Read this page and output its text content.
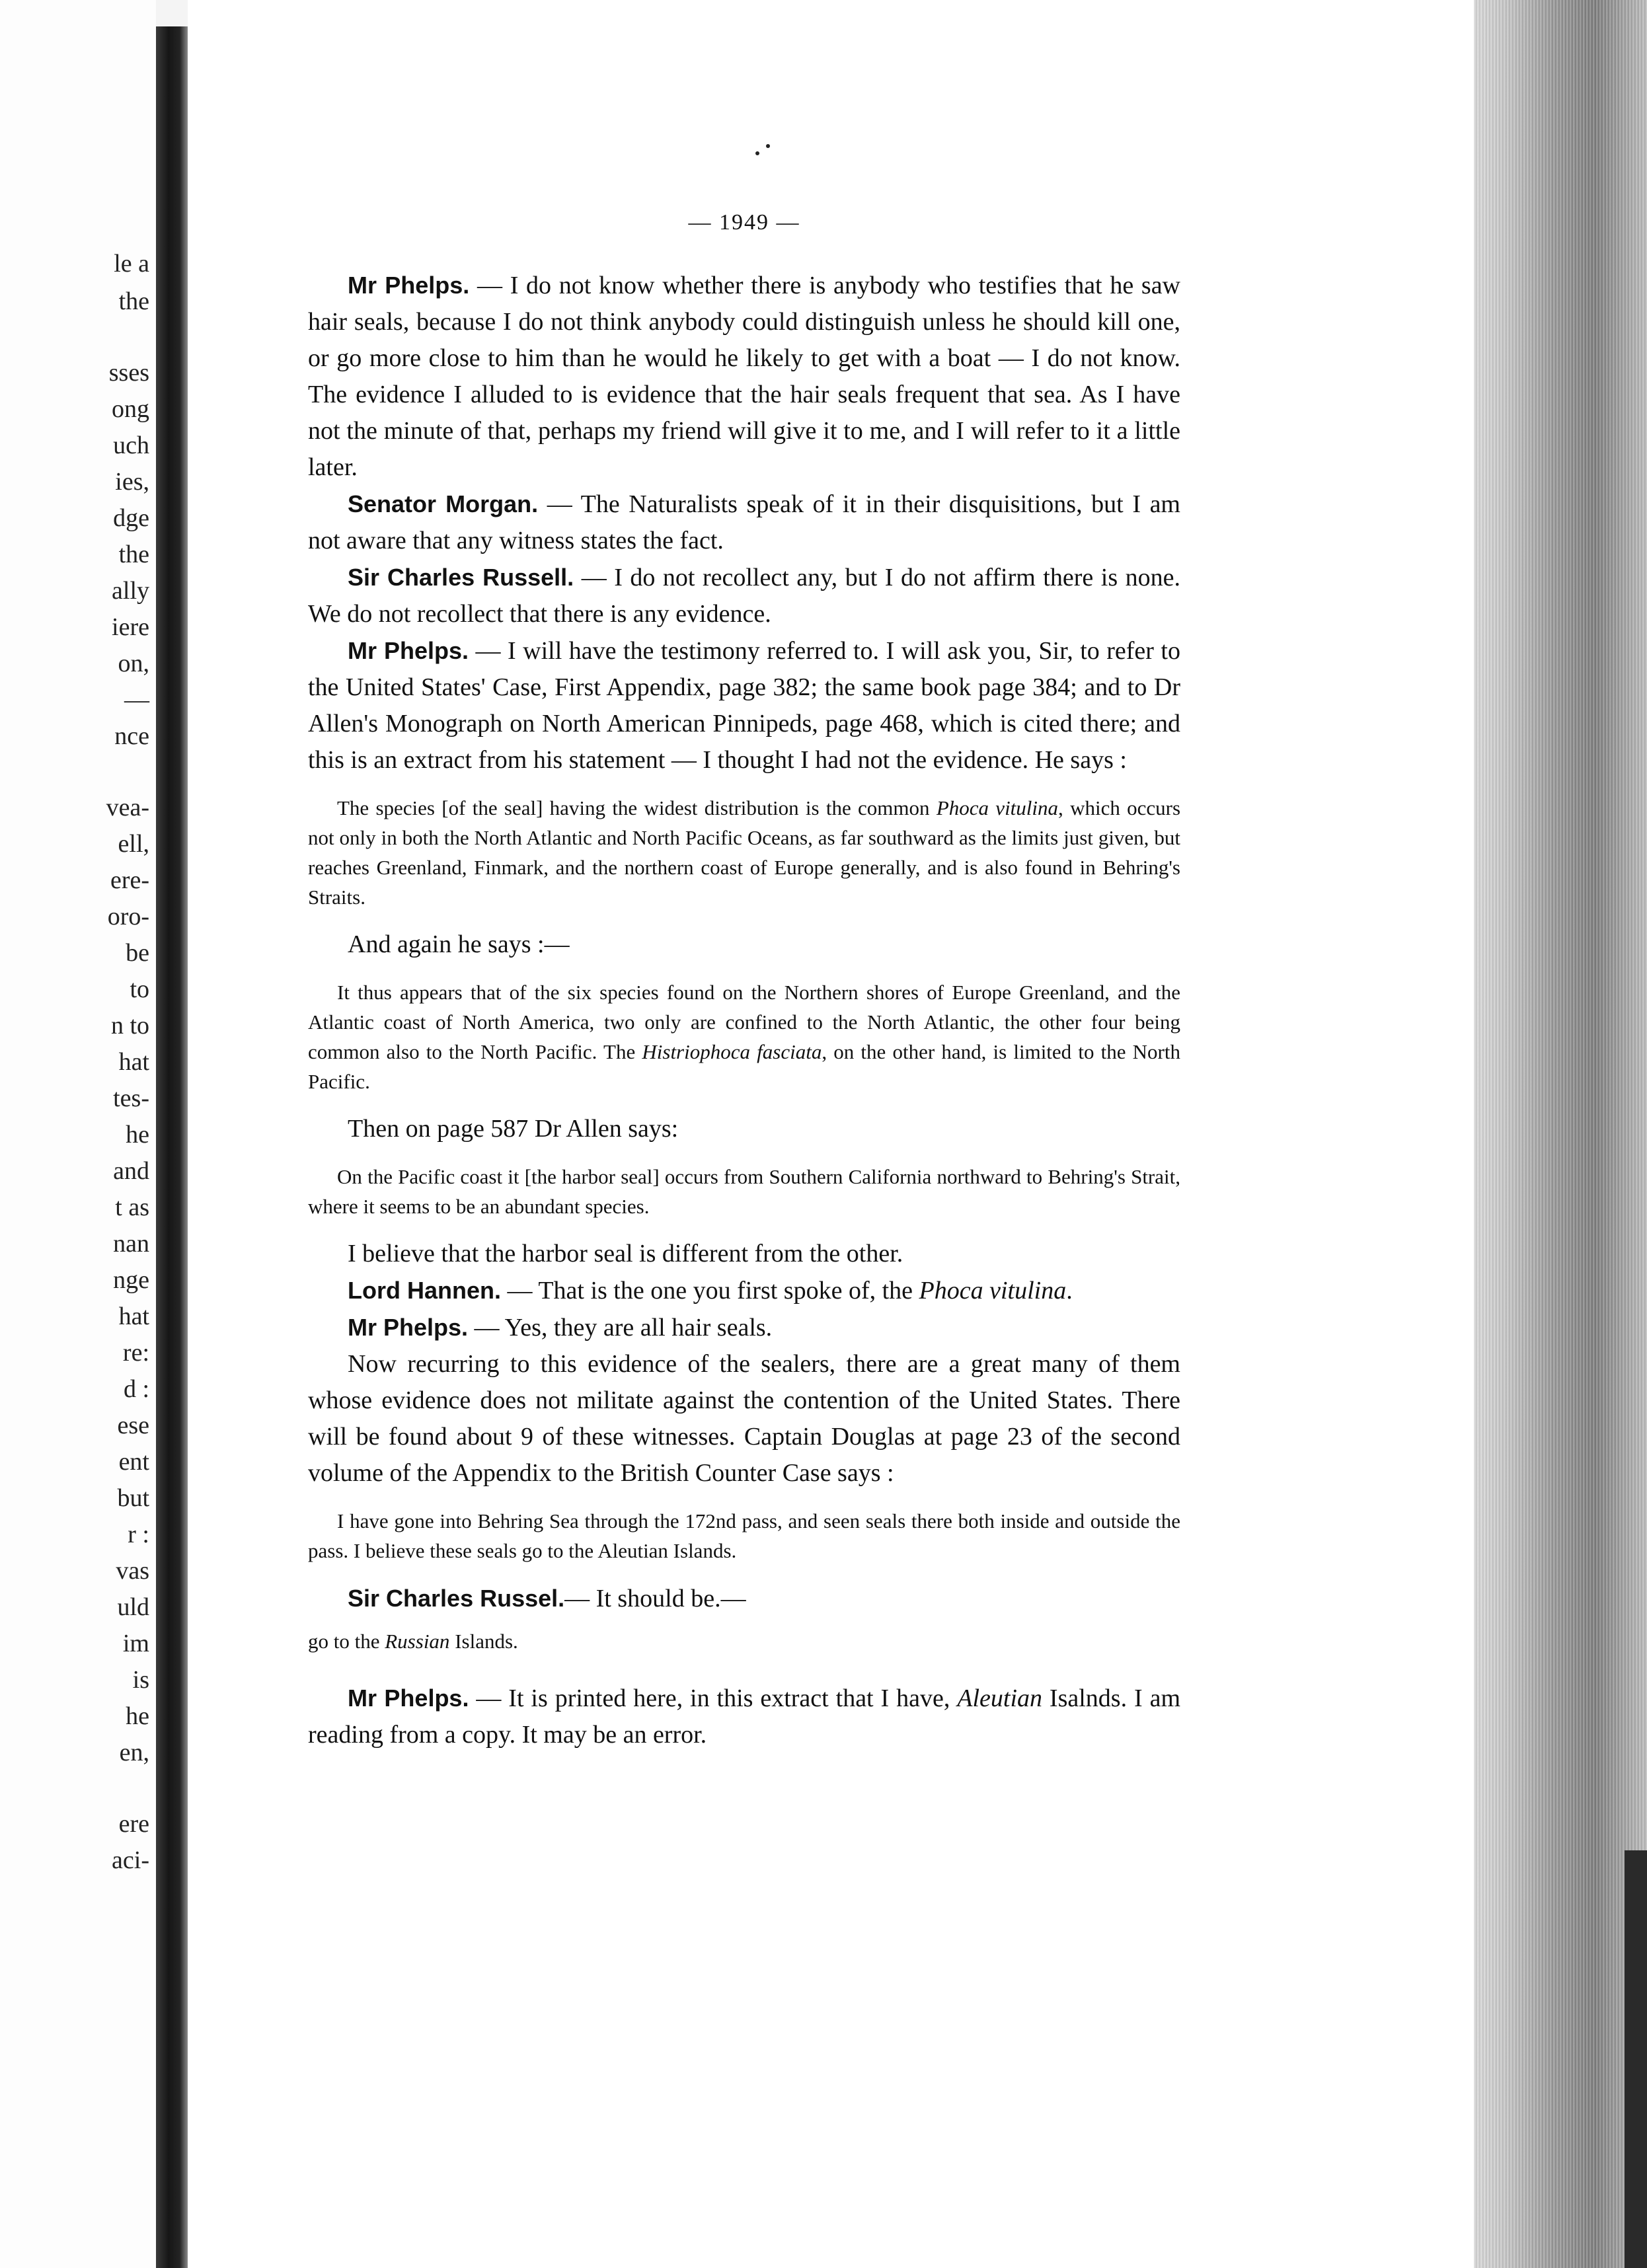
le a
the
sses
ong
uch
ies,
dge
the
ally
iere
on,
—
nce
vea-
ell,
ere-
oro-
be
to
n to
hat
tes-
he
and
t as
nan
nge
hat
re:
d :
ese
ent
but
r :
vas
uld
im
is
he
en,
ere
aci-
— 1949 —

Mr Phelps. — I do not know whether there is anybody who testifies that he saw hair seals, because I do not think anybody could distinguish unless he should kill one, or go more close to him than he would he likely to get with a boat — I do not know. The evidence I alluded to is evidence that the hair seals frequent that sea. As I have not the minute of that, perhaps my friend will give it to me, and I will refer to it a little later.

Senator Morgan. — The Naturalists speak of it in their disquisitions, but I am not aware that any witness states the fact.

Sir Charles Russell. — I do not recollect any, but I do not affirm there is none. We do not recollect that there is any evidence.

Mr Phelps. — I will have the testimony referred to. I will ask you, Sir, to refer to the United States' Case, First Appendix, page 382; the same book page 384; and to Dr Allen's Monograph on North American Pinnipeds, page 468, which is cited there; and this is an extract from his statement — I thought I had not the evidence. He says :

The species [of the seal] having the widest distribution is the common Phoca vitulina, which occurs not only in both the North Atlantic and North Pacific Oceans, as far southward as the limits just given, but reaches Greenland, Finmark, and the northern coast of Europe generally, and is also found in Behring's Straits.

And again he says :—

It thus appears that of the six species found on the Northern shores of Europe Greenland, and the Atlantic coast of North America, two only are confined to the North Atlantic, the other four being common also to the North Pacific. The Histriophoca fasciata, on the other hand, is limited to the North Pacific.

Then on page 587 Dr Allen says:

On the Pacific coast it [the harbor seal] occurs from Southern California northward to Behring's Strait, where it seems to be an abundant species.

I believe that the harbor seal is different from the other.

Lord Hannen. — That is the one you first spoke of, the Phoca vitulina.

Mr Phelps. — Yes, they are all hair seals.

Now recurring to this evidence of the sealers, there are a great many of them whose evidence does not militate against the contention of the United States. There will be found about 9 of these witnesses. Captain Douglas at page 23 of the second volume of the Appendix to the British Counter Case says :

I have gone into Behring Sea through the 172nd pass, and seen seals there both inside and outside the pass. I believe these seals go to the Aleutian Islands.

Sir Charles Russel.— It should be.—

go to the Russian Islands.

Mr Phelps. — It is printed here, in this extract that I have, Aleutian Isalnds. I am reading from a copy. It may be an error.
